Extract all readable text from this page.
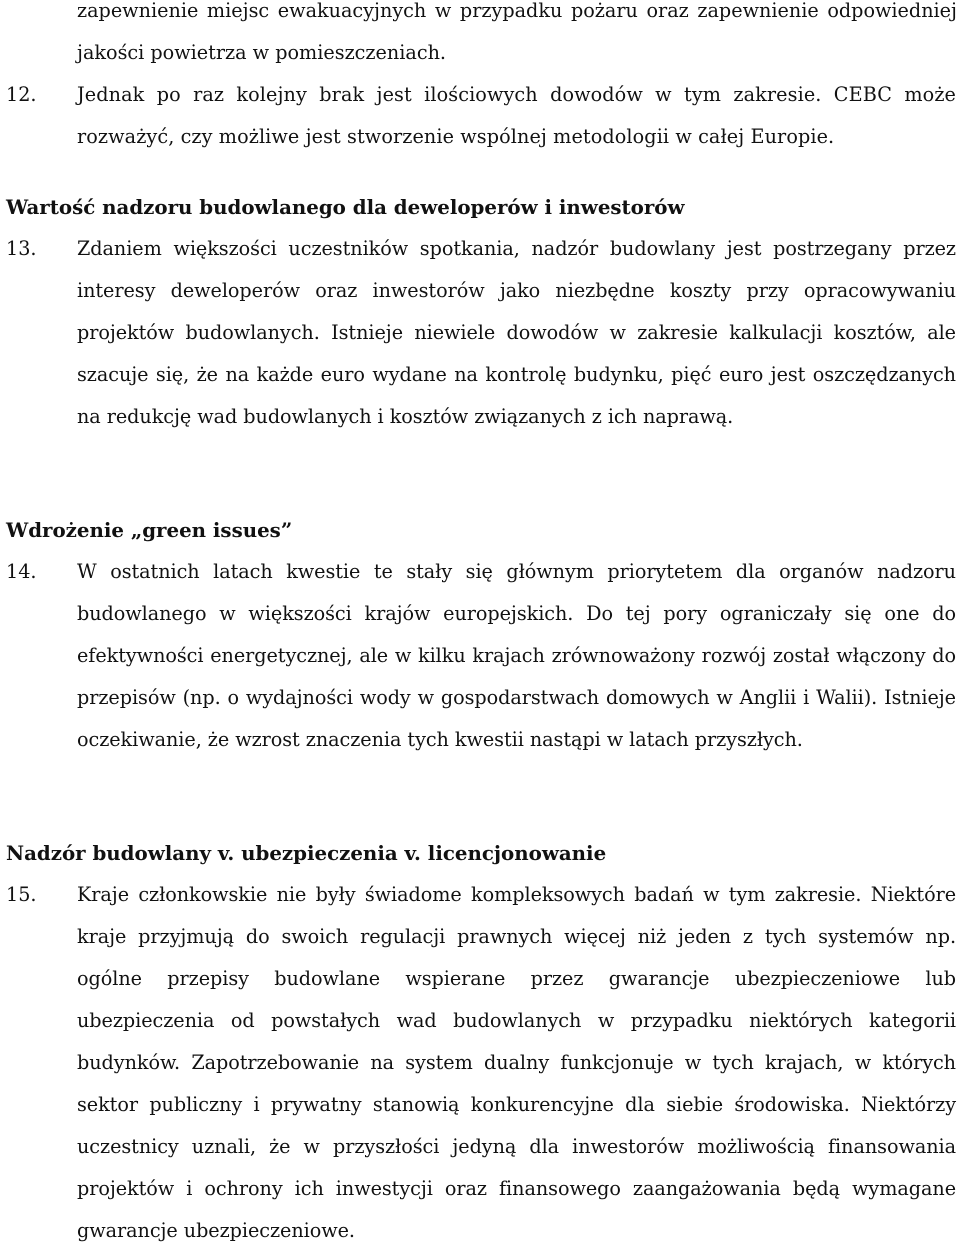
zapewnienie miejsc ewakuacyjnych w przypadku pożaru oraz zapewnienie odpowiedniej jakości powietrza w pomieszczeniach.
12.	Jednak po raz kolejny brak jest ilościowych dowodów w tym zakresie. CEBC może rozważyć, czy możliwe jest stworzenie wspólnej metodologii w całej Europie.
Wartość nadzoru budowlanego dla deweloperów i inwestorów
13.	Zdaniem większości uczestników spotkania, nadzór budowlany jest postrzegany przez interesy deweloperów oraz inwestorów jako niezbędne koszty przy opracowywaniu projektów budowlanych. Istnieje niewiele dowodów w zakresie kalkulacji kosztów, ale szacuje się, że na każde euro wydane na kontrolę budynku, pięć euro jest oszczędzanych na redukcję wad budowlanych i kosztów związanych z ich naprawą.
Wdrożenie „green issues”
14.	W ostatnich latach kwestie te stały się głównym priorytetem dla organów nadzoru budowlanego w większości krajów europejskich. Do tej pory ograniczały się one do efektywności energetycznej, ale w kilku krajach zrównoważony rozwój został włączony do przepisów (np. o wydajności wody w gospodarstwach domowych w Anglii i Walii). Istnieje oczekiwanie, że wzrost znaczenia tych kwestii nastąpi w latach przyszłych.
Nadzór budowlany v. ubezpieczenia v. licencjonowanie
15.	Kraje członkowskie nie były świadome kompleksowych badań w tym zakresie. Niektóre kraje przyjmują do swoich regulacji prawnych więcej niż jeden z tych systemów np. ogólne przepisy budowlane wspierane przez gwarancje ubezpieczeniowe lub ubezpieczenia od powstałych wad budowlanych w przypadku niektórych kategorii budynków. Zapotrzebowanie na system dualny funkcjonuje w tych krajach, w których sektor publiczny i prywatny stanowią konkurencyjne dla siebie środowiska. Niektórzy uczestnicy uznali, że w przyszłości jedyną dla inwestorów możliwością finansowania projektów i ochrony ich inwestycji oraz finansowego zaangażowania będą wymagane gwarancje ubezpieczeniowe.
